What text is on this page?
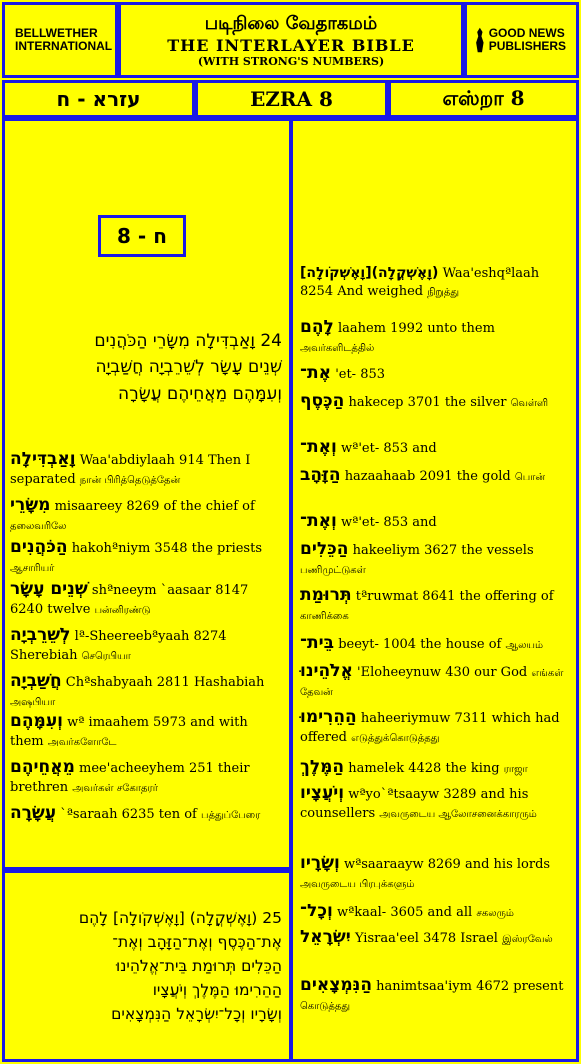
BELLWETHER INTERNATIONAL
படிநிலை வேதாகமம்
THE INTERLAYER BIBLE
(WITH STRONG'S NUMBERS)
GOOD NEWS PUBLISHERS
עזרא - ח	EZRA 8	எஸ்றா 8
ח - 8
24 וָאַבְדִּילָה מִשָּׂרֵי הַכֹּהֲנִים
שְׁנֵים עָשָׂר לְשֵׁרֵבְיָה חֲשַׁבְיָה
וְעִמָּהֶם מֵאֲחֵיהֶם עֲשָׂרָה
וָאַבְדִּילָה Waa'abdiylaah 914 Then I separated நான் பிரித்தெடுத்தேன்
מִשָּׂרֵי misaareey 8269 of the chief of தலைவரிலே
הַכֹּהֲנִים hakohªniym 3548 the priests ஆசாரியர்
שְׁנֵים עָשָׂר shªneeym `aasaar 8147 6240 twelve பன்னிரண்டு
לְשֵׁרֵבְיָה lª-Sheereebªyaah 8274 Sherebiah செரெபியா
חֲשַׁבְיָה Chªshabyaah 2811 Hashabiah அஷபியா
וְעִמָּהֶם wª imaahem 5973 and with them அவர்களோடே
מֵאֲחֵיהֶם mee'acheeyhem 251 their brethren அவர்கள் சகோதரர்
עֲשָׂרָה `ªsaraah 6235 ten of பத்துப்பேரை
25 (וָאֶשְׁקֳלָה) [וָאֶשְׁקֹולָה] לָהֶם
אֶת־הַכֶּסֶף וְאֶת־הַזָּהָב וְאֶת־
הַכֵּלִים תְּרוּמַת בֵּית־אֱלֹהֵינוּ
הַהֵרִימוּ הַמֶּלֶךְ וְיֹעֲצָיו
וְשָׂרָיו וְכָל־יִשְׂרָאֵל הַנִּמְצָאִים
[וָאֶשְׁקֹולָה](וָאֶשְׁקֳלָה) Waa'eshqªlaah 8254 And weighed நிறுத்து
לָהֶם laahem 1992 unto them அவர்களிடத்தில்
אֶת־ 'et- 853
הַכֶּסֶף hakecep 3701 the silver வெள்ளி
וְאֶת־ wª'et- 853 and
הַזָּהָב hazaahaab 2091 the gold பொன்
וְאֶת־ wª'et- 853 and
הַכֵּלִים hakeeliym 3627 the vessels பணிமுட்டுகள்
תְּרוּמַת tªruwmat 8641 the offering of காணிக்கை
בֵּית־ beeyt- 1004 the house of ஆலயம்
אֱלֹהֵינוּ 'Eloheeynuw 430 our God எங்கள் தேவன்
הַהֵרִימוּ haheeriymuw 7311 which had offered எடுத்துக்கொடுத்தது
הַמֶּלֶךְ hamelek 4428 the king ராஜா
וְיֹעֲצָיו wªyo`ªtsaayw 3289 and his counsellers அவருடைய ஆலோசனைக்காரரும்
וְשָׂרָיו wªsaaraayw 8269 and his lords அவருடைய பிரபுக்களும்
וְכָל־ wªkaal- 3605 and all சகலரும்
יִשְׂרָאֵל Yisraa'eel 3478 Israel இஸ்ரவேல்
הַנִּמְצָאִים hanimtsaa'iym 4672 present கொடுத்தது
